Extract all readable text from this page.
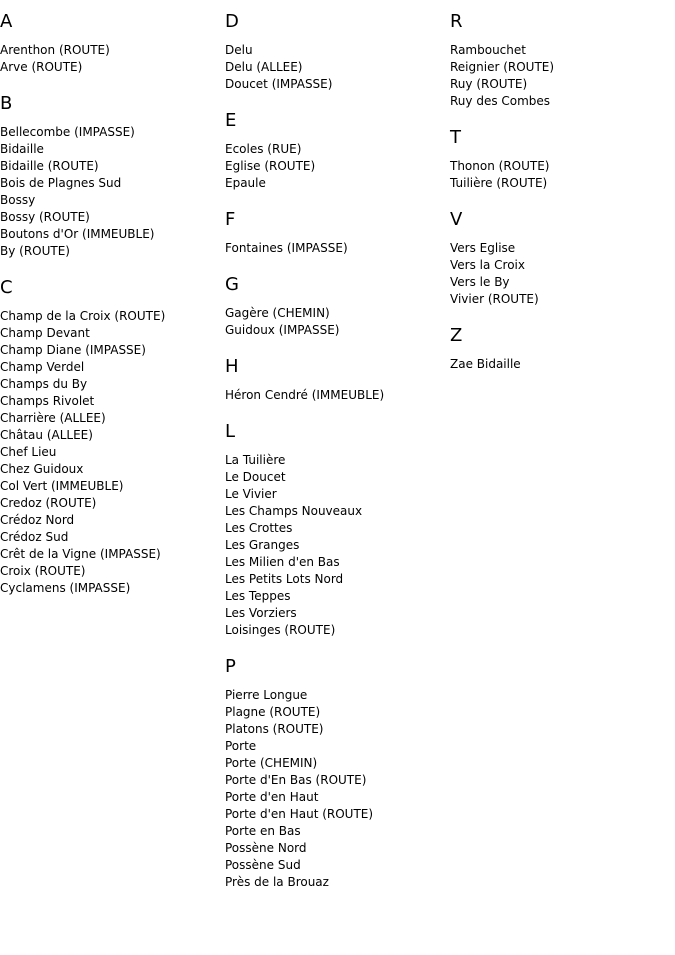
A
Arenthon (ROUTE)
Arve (ROUTE)
B
Bellecombe (IMPASSE)
Bidaille
Bidaille (ROUTE)
Bois de Plagnes Sud
Bossy
Bossy (ROUTE)
Boutons d'Or (IMMEUBLE)
By (ROUTE)
C
Champ de la Croix (ROUTE)
Champ Devant
Champ Diane (IMPASSE)
Champ Verdel
Champs du By
Champs Rivolet
Charrière (ALLEE)
Châtau (ALLEE)
Chef Lieu
Chez Guidoux
Col Vert (IMMEUBLE)
Credoz (ROUTE)
Crédoz Nord
Crédoz Sud
Crêt de la Vigne (IMPASSE)
Croix (ROUTE)
Cyclamens (IMPASSE)
D
Delu
Delu (ALLEE)
Doucet (IMPASSE)
E
Ecoles (RUE)
Eglise (ROUTE)
Epaule
F
Fontaines (IMPASSE)
G
Gagère (CHEMIN)
Guidoux (IMPASSE)
H
Héron Cendré (IMMEUBLE)
L
La Tuilière
Le Doucet
Le Vivier
Les Champs Nouveaux
Les Crottes
Les Granges
Les Milien d'en Bas
Les Petits Lots Nord
Les Teppes
Les Vorziers
Loisinges (ROUTE)
P
Pierre Longue
Plagne (ROUTE)
Platons (ROUTE)
Porte
Porte (CHEMIN)
Porte d'En Bas (ROUTE)
Porte d'en Haut
Porte d'en Haut (ROUTE)
Porte en Bas
Possène Nord
Possène Sud
Près de la Brouaz
R
Rambouchet
Reignier (ROUTE)
Ruy (ROUTE)
Ruy des Combes
T
Thonon (ROUTE)
Tuilière (ROUTE)
V
Vers Eglise
Vers la Croix
Vers le By
Vivier (ROUTE)
Z
Zae Bidaille
